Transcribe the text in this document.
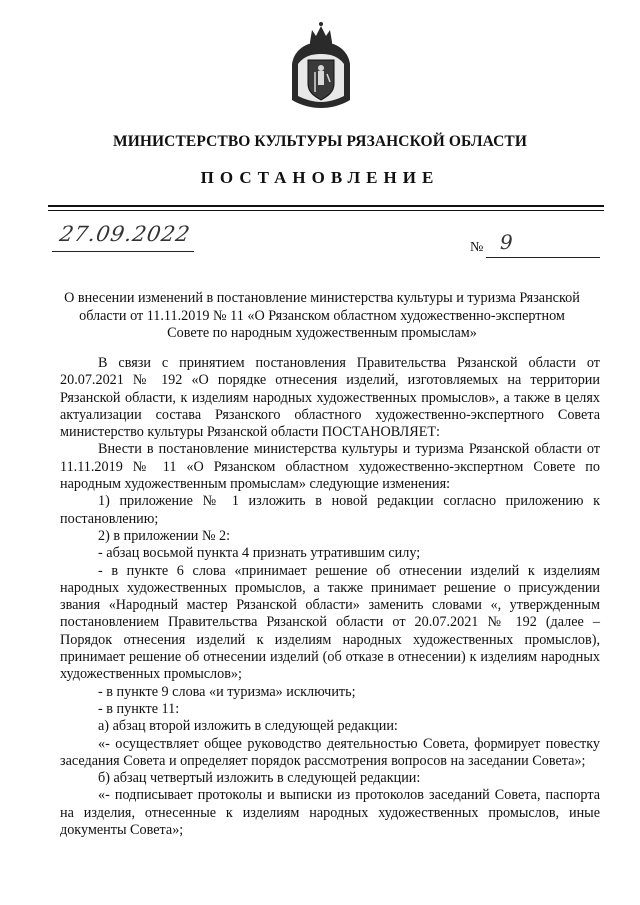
МИНИСТЕРСТВО КУЛЬТУРЫ РЯЗАНСКОЙ ОБЛАСТИ
ПОСТАНОВЛЕНИЕ
27.09.2022
№ 9
О внесении изменений в постановление министерства культуры и туризма Рязанской области от 11.11.2019 № 11 «О Рязанском областном художественно-экспертном Совете по народным художественным промыслам»

В связи с принятием постановления Правительства Рязанской области от 20.07.2021 № 192 «О порядке отнесения изделий, изготовляемых на территории Рязанской области, к изделиям народных художественных промыслов», а также в целях актуализации состава Рязанского областного художественно-экспертного Совета министерство культуры Рязанской области ПОСТАНОВЛЯЕТ:

Внести в постановление министерства культуры и туризма Рязанской области от 11.11.2019 № 11 «О Рязанском областном художественно-экспертном Совете по народным художественным промыслам» следующие изменения:

1) приложение № 1 изложить в новой редакции согласно приложению к постановлению;

2) в приложении № 2:

- абзац восьмой пункта 4 признать утратившим силу;

- в пункте 6 слова «принимает решение об отнесении изделий к изделиям народных художественных промыслов, а также принимает решение о присуждении звания «Народный мастер Рязанской области» заменить словами «, утвержденным постановлением Правительства Рязанской области от 20.07.2021 № 192 (далее – Порядок отнесения изделий к изделиям народных художественных промыслов), принимает решение об отнесении изделий (об отказе в отнесении) к изделиям народных художественных промыслов»;

- в пункте 9 слова «и туризма» исключить;

- в пункте 11:

а) абзац второй изложить в следующей редакции:

«- осуществляет общее руководство деятельностью Совета, формирует повестку заседания Совета и определяет порядок рассмотрения вопросов на заседании Совета»;

б) абзац четвертый изложить в следующей редакции:

«- подписывает протоколы и выписки из протоколов заседаний Совета, паспорта на изделия, отнесенные к изделиям народных художественных промыслов, иные документы Совета»;
